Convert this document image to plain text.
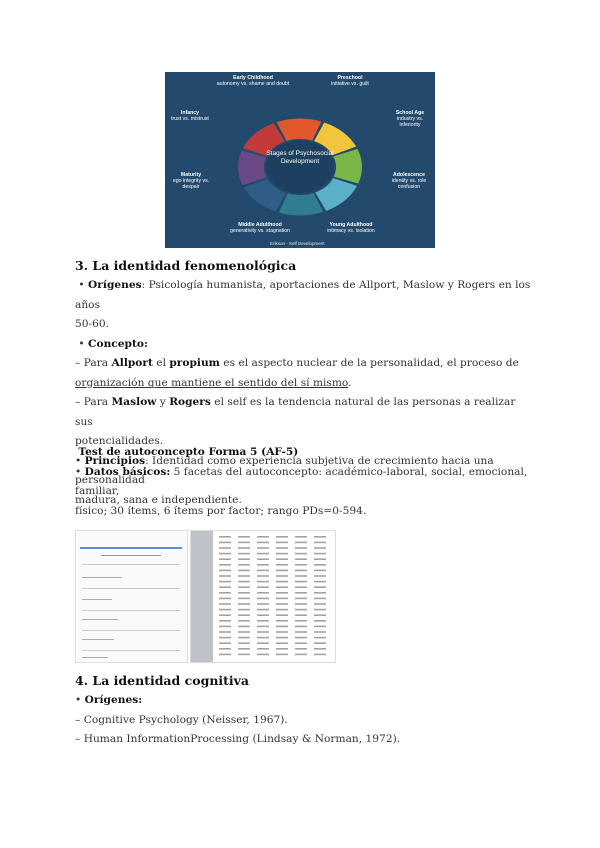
Stages of Psychosocial
Development
Early Childhood
autonomy vs. shame and doubt
Preschool
initiative vs. guilt
School Age
industry vs. inferiority
Adolescence
identity vs. role confusion
Young Adulthood
intimacy vs. isolation
Middle Adulthood
generativity vs. stagnation
Maturity
ego integrity vs. despair
Infancy
trust vs. mistrust
Erikson · Self Development
3. La identidad fenomenológica
• Orígenes: Psicología humanista, aportaciones de Allport, Maslow y Rogers en los años
50-60.
• Concepto:
– Para Allport el propium es el aspecto nuclear de la personalidad, el proceso de
organización que mantiene el sentido del sí mismo.
– Para Maslow y Rogers el self es la tendencia natural de las personas a realizar sus
potencialidades.
• Principios: Identidad como experiencia subjetiva de crecimiento hacia una personalidad
madura, sana e independiente.
Test de autoconcepto Forma 5 (AF-5)
• Datos básicos: 5 facetas del autoconcepto: académico-laboral, social, emocional, familiar,
físico; 30 ítems, 6 ítems por factor; rango PDs=0-594.
4. La identidad cognitiva
• Orígenes:
– Cognitive Psychology (Neisser, 1967).
– Human InformationProcessing (Lindsay & Norman, 1972).
